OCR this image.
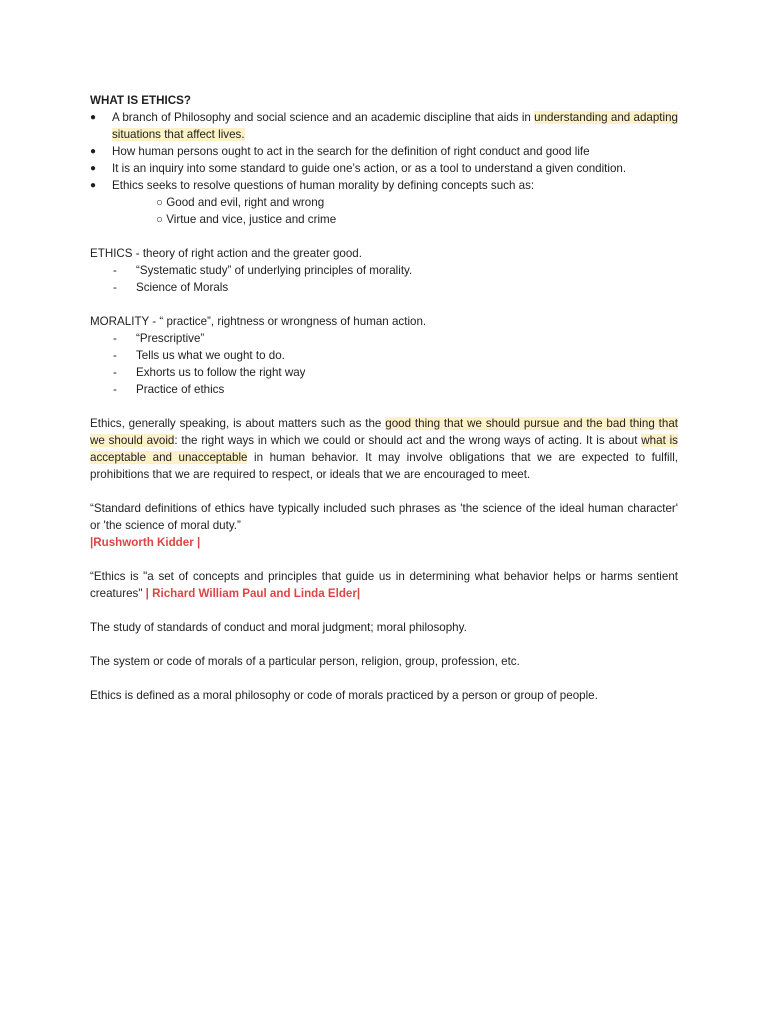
WHAT IS ETHICS?

● A branch of Philosophy and social science and an academic discipline that aids in understanding and adapting situations that affect lives.
● How human persons ought to act in the search for the definition of right conduct and good life
● It is an inquiry into some standard to guide one’s action, or as a tool to understand a given condition.
● Ethics seeks to resolve questions of human morality by defining concepts such as:
○ Good and evil, right and wrong
○ Virtue and vice, justice and crime

ETHICS - theory of right action and the greater good.

- “Systematic study” of underlying principles of morality.
- Science of Morals

MORALITY - “ practice”, rightness or wrongness of human action.

- “Prescriptive”
- Tells us what we ought to do.
- Exhorts us to follow the right way
- Practice of ethics

Ethics, generally speaking, is about matters such as the good thing that we should pursue and the bad thing that we should avoid: the right ways in which we could or should act and the wrong ways of acting. It is about what is acceptable and unacceptable in human behavior. It may involve obligations that we are expected to fulfill, prohibitions that we are required to respect, or ideals that we are encouraged to meet.

“Standard definitions of ethics have typically included such phrases as 'the science of the ideal human character' or 'the science of moral duty.”

|Rushworth Kidder |

“Ethics is "a set of concepts and principles that guide us in determining what behavior helps or harms sentient creatures" | Richard William Paul and Linda Elder|

The study of standards of conduct and moral judgment; moral philosophy.

The system or code of morals of a particular person, religion, group, profession, etc.

Ethics is defined as a moral philosophy or code of morals practiced by a person or group of people.
